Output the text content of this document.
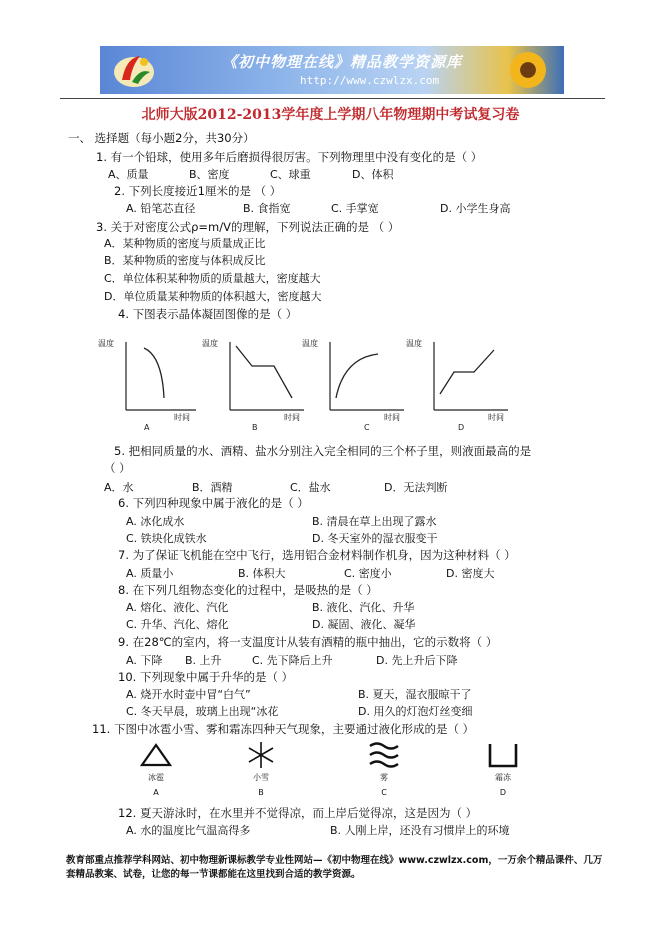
《初中物理在线》精品教学资源库
http://www.czwlzx.com
北师大版2012-2013学年度上学期八年物理期中考试复习卷
一、 选择题（每小题2分，共30分）
1. 有一个铅球，使用多年后磨损得很厉害。下列物理里中没有变化的是（ ）
A、质量	B、密度	C、球重	D、体积
2. 下列长度接近1厘米的是 （ ）
A. 铅笔芯直径	B. 食指宽	C. 手掌宽	D. 小学生身高
3. 关于对密度公式ρ=m/V的理解，下列说法正确的是 （ ）
A．某种物质的密度与质量成正比
B．某种物质的密度与体积成反比
C．单位体积某种物质的质量越大，密度越大
D．单位质量某种物质的体积越大，密度越大
4. 下图表示晶体凝固图像的是（ ）
温度
时间
A
温度
时间
B
温度
时间
C
温度
时间
D
5. 把相同质量的水、酒精、盐水分别注入完全相同的三个杯子里，则液面最高的是
（ ）
A．水	B．酒精	C．盐水	D．无法判断
6. 下列四种现象中属于液化的是（ ）
A. 冰化成水	B. 清晨在草上出现了露水
C. 铁块化成铁水	D. 冬天室外的湿衣服变干
7. 为了保证飞机能在空中飞行，选用铝合金材料制作机身，因为这种材料（ ）
A. 质量小	B. 体积大	C. 密度小	D. 密度大
8. 在下列几组物态变化的过程中，是吸热的是（ ）
A. 熔化、液化、汽化	B. 液化、汽化、升华
C. 升华、汽化、熔化	D. 凝固、液化、凝华
9. 在28℃的室内，将一支温度计从装有酒精的瓶中抽出，它的示数将（ ）
A. 下降 B. 上升	C. 先下降后上升	D. 先上升后下降
10. 下列现象中属于升华的是（ ）
A. 烧开水时壶中冒“白气”	B. 夏天，湿衣服晾干了
C. 冬天早晨，玻璃上出现“冰花	D. 用久的灯泡灯丝变细
11. 下图中冰雹小雪、雾和霜冻四种天气现象，主要通过液化形成的是（ ）
冰雹
A
小雪
B
雾
C
霜冻
D
12. 夏天游泳时，在水里并不觉得凉，而上岸后觉得凉，这是因为（ ）
A. 水的温度比气温高得多	B. 人刚上岸，还没有习惯岸上的环境
教育部重点推荐学科网站、初中物理新课标教学专业性网站—《初中物理在线》www.czwlzx.com，一万余个精品课件、几万套精品教案、试卷，让您的每一节课都能在这里找到合适的教学资源。
